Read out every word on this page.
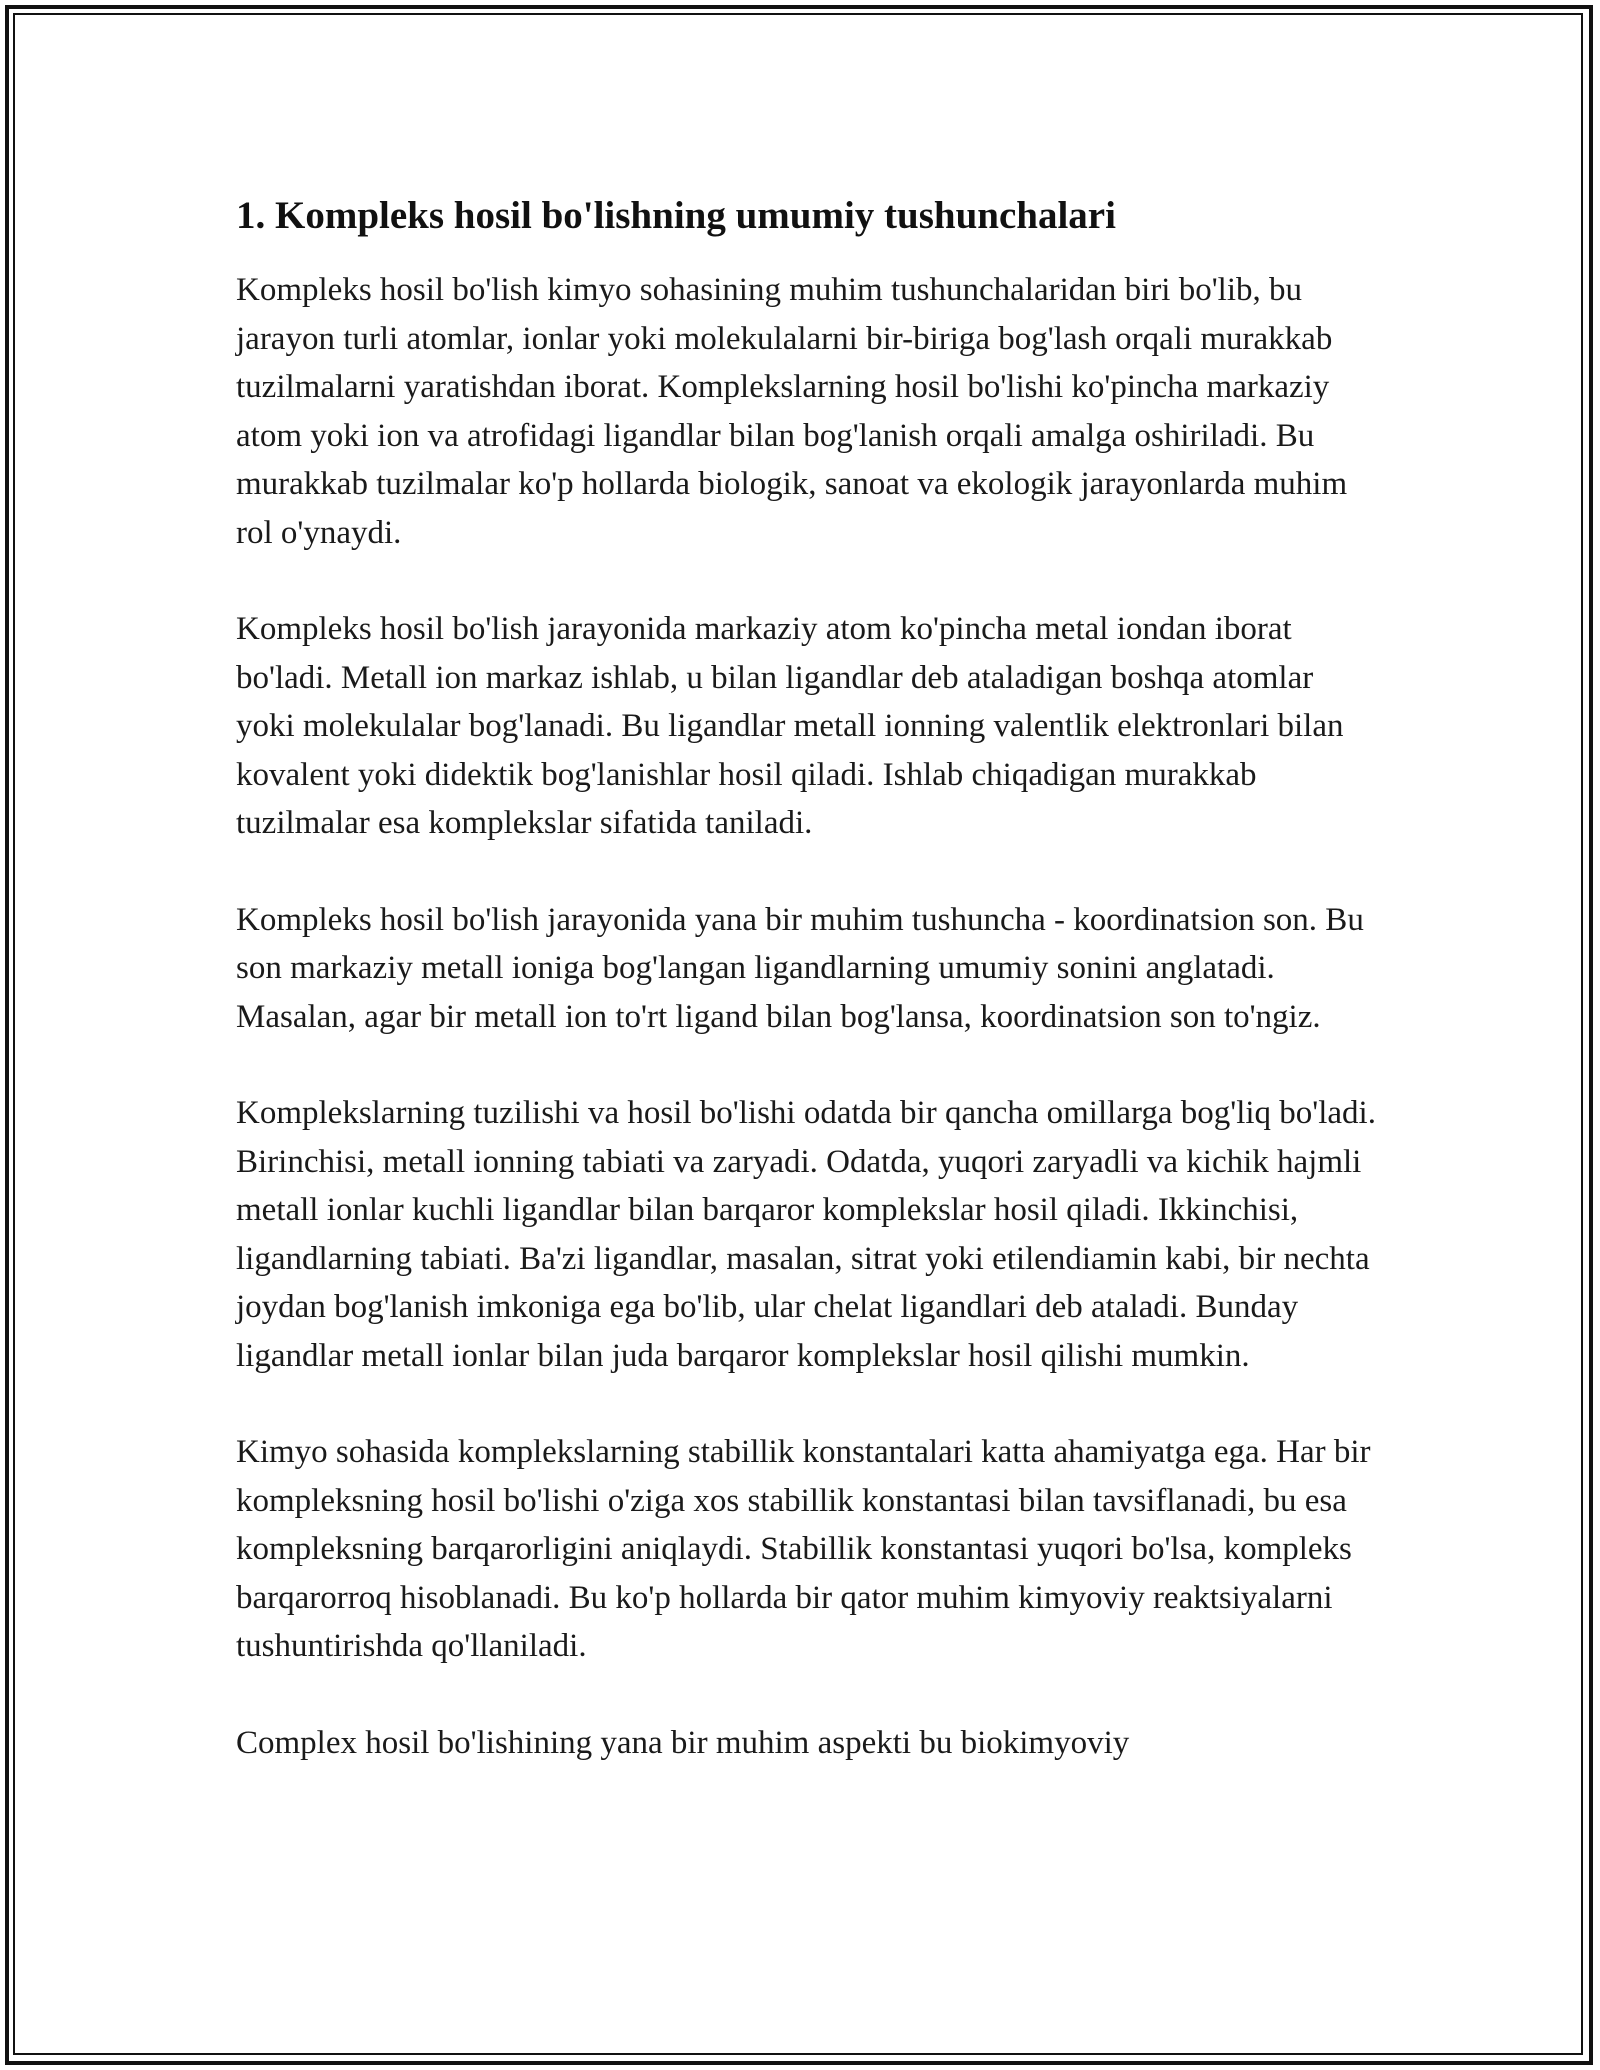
1. Kompleks hosil bo'lishning umumiy tushunchalari

Kompleks hosil bo'lish kimyo sohasining muhim tushunchalaridan biri bo'lib, bu jarayon turli atomlar, ionlar yoki molekulalarni bir-biriga bog'lash orqali murakkab tuzilmalarni yaratishdan iborat. Komplekslarning hosil bo'lishi ko'pincha markaziy atom yoki ion va atrofidagi ligandlar bilan bog'lanish orqali amalga oshiriladi. Bu murakkab tuzilmalar ko'p hollarda biologik, sanoat va ekologik jarayonlarda muhim rol o'ynaydi.

Kompleks hosil bo'lish jarayonida markaziy atom ko'pincha metal iondan iborat bo'ladi. Metall ion markaz ishlab, u bilan ligandlar deb ataladigan boshqa atomlar yoki molekulalar bog'lanadi. Bu ligandlar metall ionning valentlik elektronlari bilan kovalent yoki didektik bog'lanishlar hosil qiladi. Ishlab chiqadigan murakkab tuzilmalar esa komplekslar sifatida taniladi.

Kompleks hosil bo'lish jarayonida yana bir muhim tushuncha - koordinatsion son. Bu son markaziy metall ioniga bog'langan ligandlarning umumiy sonini anglatadi. Masalan, agar bir metall ion to'rt ligand bilan bog'lansa, koordinatsion son to'ngiz.

Komplekslarning tuzilishi va hosil bo'lishi odatda bir qancha omillarga bog'liq bo'ladi. Birinchisi, metall ionning tabiati va zaryadi. Odatda, yuqori zaryadli va kichik hajmli metall ionlar kuchli ligandlar bilan barqaror komplekslar hosil qiladi. Ikkinchisi, ligandlarning tabiati. Ba'zi ligandlar, masalan, sitrat yoki etilendiamin kabi, bir nechta joydan bog'lanish imkoniga ega bo'lib, ular chelat ligandlari deb ataladi. Bunday ligandlar metall ionlar bilan juda barqaror komplekslar hosil qilishi mumkin.

Kimyo sohasida komplekslarning stabillik konstantalari katta ahamiyatga ega. Har bir kompleksning hosil bo'lishi o'ziga xos stabillik konstantasi bilan tavsiflanadi, bu esa kompleksning barqarorligini aniqlaydi. Stabillik konstantasi yuqori bo'lsa, kompleks barqarorroq hisoblanadi. Bu ko'p hollarda bir qator muhim kimyoviy reaktsiyalarni tushuntirishda qo'llaniladi.

Complex hosil bo'lishining yana bir muhim aspekti bu biokimyoviy
